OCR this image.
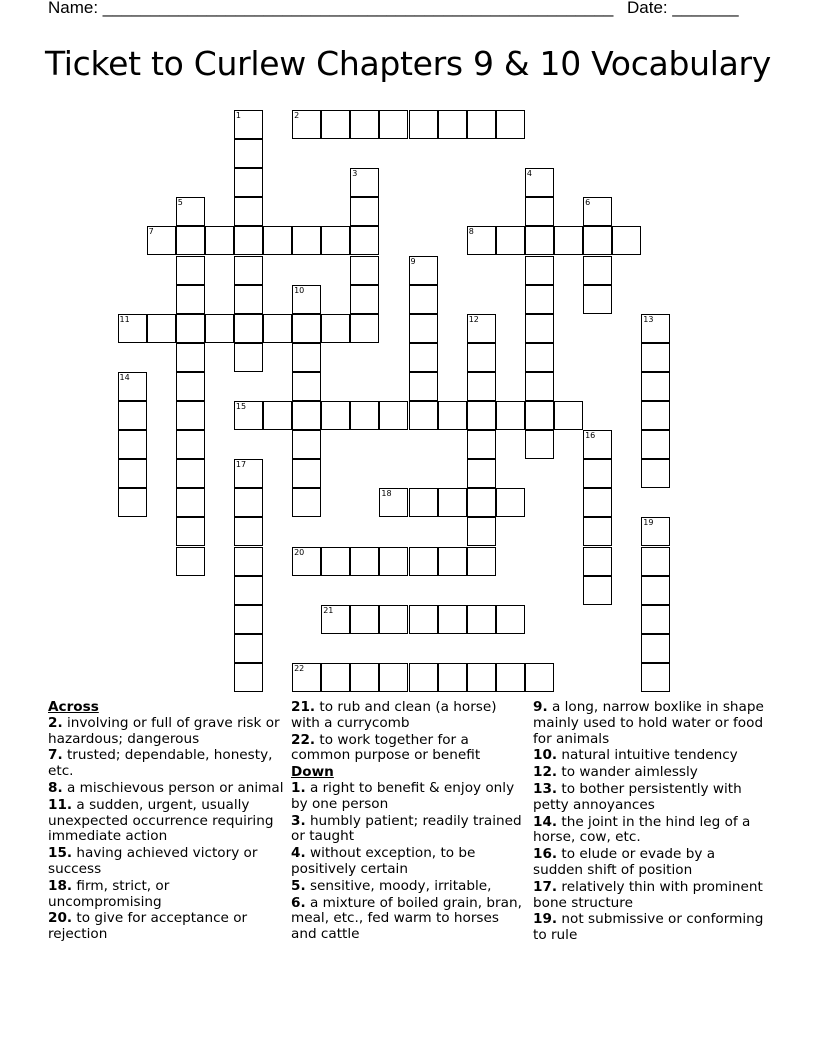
Name: ______________________________________________________ Date: _______
Ticket to Curlew Chapters 9 & 10 Vocabulary
1	2
3	4
5	6
7	8
9
10
11	12	13
14
15
16
17
18
19
20
21
22
Across
2. involving or full of grave risk or hazardous; dangerous
7. trusted; dependable, honesty, etc.
8. a mischievous person or animal
11. a sudden, urgent, usually unexpected occurrence requiring immediate action
15. having achieved victory or success
18. firm, strict, or uncompromising
20. to give for acceptance or rejection
21. to rub and clean (a horse) with a currycomb
22. to work together for a common purpose or benefit
Down
1. a right to benefit & enjoy only by one person
3. humbly patient; readily trained or taught
4. without exception, to be positively certain
5. sensitive, moody, irritable,
6. a mixture of boiled grain, bran, meal, etc., fed warm to horses and cattle
9. a long, narrow boxlike in shape mainly used to hold water or food for animals
10. natural intuitive tendency
12. to wander aimlessly
13. to bother persistently with petty annoyances
14. the joint in the hind leg of a horse, cow, etc.
16. to elude or evade by a sudden shift of position
17. relatively thin with prominent bone structure
19. not submissive or conforming to rule
